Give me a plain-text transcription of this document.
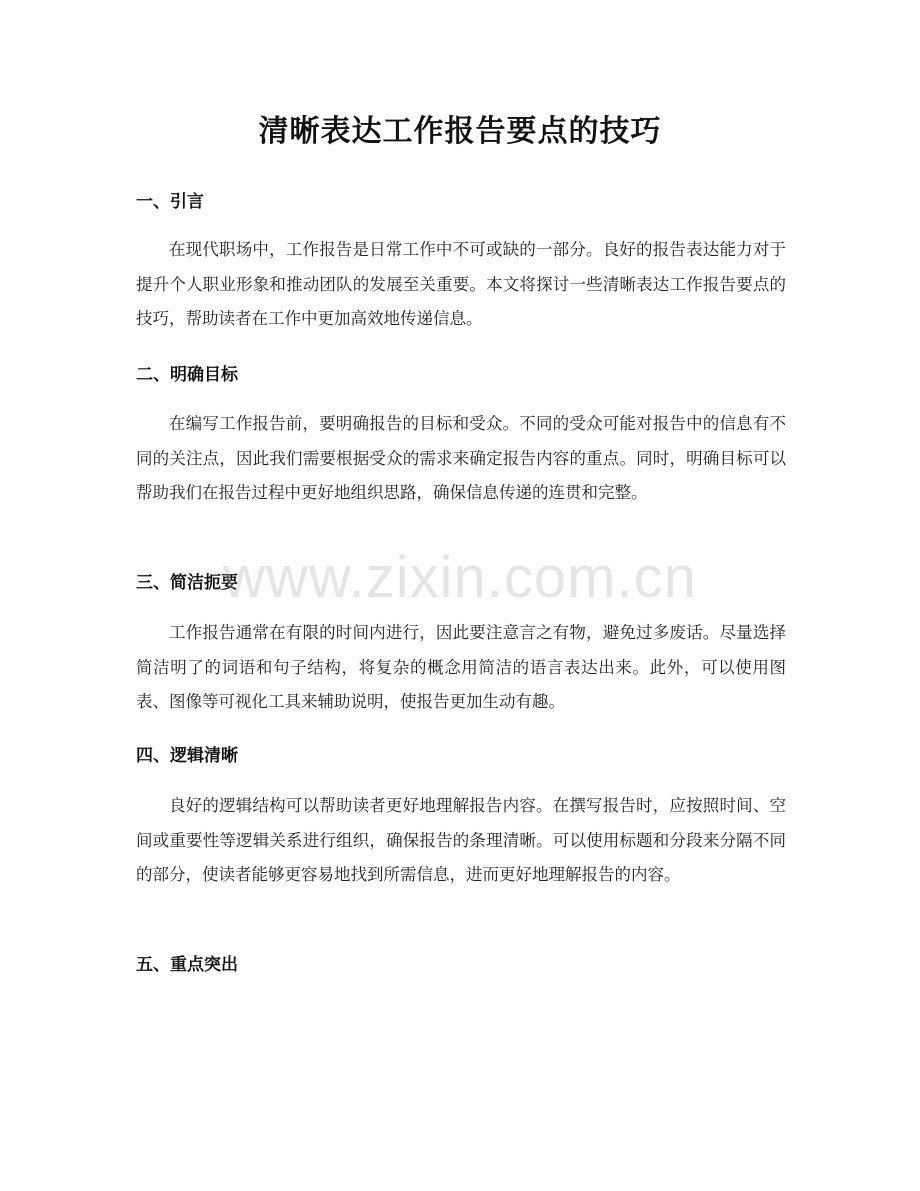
清晰表达工作报告要点的技巧
一、引言

在现代职场中，工作报告是日常工作中不可或缺的一部分。良好的报告表达能力对于提升个人职业形象和推动团队的发展至关重要。本文将探讨一些清晰表达工作报告要点的技巧，帮助读者在工作中更加高效地传递信息。

二、明确目标

在编写工作报告前，要明确报告的目标和受众。不同的受众可能对报告中的信息有不同的关注点，因此我们需要根据受众的需求来确定报告内容的重点。同时，明确目标可以帮助我们在报告过程中更好地组织思路，确保信息传递的连贯和完整。

三、简洁扼要

工作报告通常在有限的时间内进行，因此要注意言之有物，避免过多废话。尽量选择简洁明了的词语和句子结构，将复杂的概念用简洁的语言表达出来。此外，可以使用图表、图像等可视化工具来辅助说明，使报告更加生动有趣。

四、逻辑清晰

良好的逻辑结构可以帮助读者更好地理解报告内容。在撰写报告时，应按照时间、空间或重要性等逻辑关系进行组织，确保报告的条理清晰。可以使用标题和分段来分隔不同的部分，使读者能够更容易地找到所需信息，进而更好地理解报告的内容。

五、重点突出
www.zixin.com.cn
